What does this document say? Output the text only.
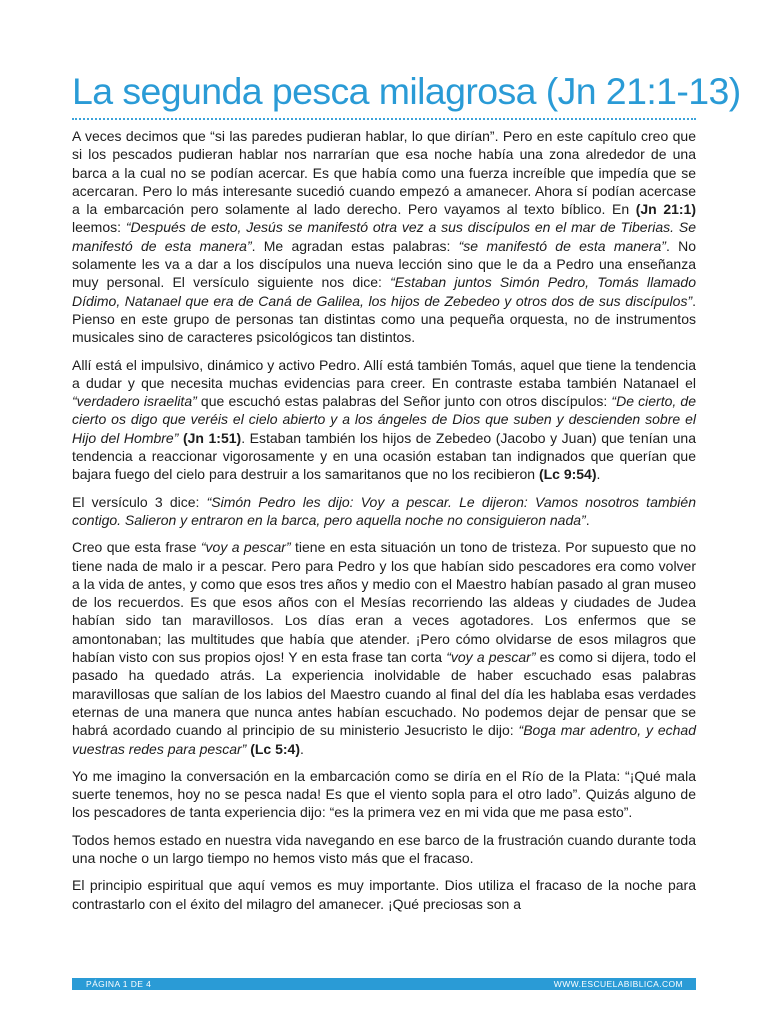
La segunda pesca milagrosa (Jn 21:1-13)

A veces decimos que “si las paredes pudieran hablar, lo que dirían”. Pero en este capítulo creo que si los pescados pudieran hablar nos narrarían que esa noche había una zona alrededor de una barca a la cual no se podían acercar. Es que había como una fuerza increíble que impedía que se acercaran. Pero lo más interesante sucedió cuando empezó a amanecer. Ahora sí podían acercase a la embarcación pero solamente al lado derecho. Pero vayamos al texto bíblico. En (Jn 21:1) leemos: “Después de esto, Jesús se manifestó otra vez a sus discípulos en el mar de Tiberias. Se manifestó de esta manera”. Me agradan estas palabras: “se manifestó de esta manera”. No solamente les va a dar a los discípulos una nueva lección sino que le da a Pedro una enseñanza muy personal. El versículo siguiente nos dice: “Estaban juntos Simón Pedro, Tomás llamado Dídimo, Natanael que era de Caná de Galilea, los hijos de Zebedeo y otros dos de sus discípulos”. Pienso en este grupo de personas tan distintas como una pequeña orquesta, no de instrumentos musicales sino de caracteres psicológicos tan distintos.

Allí está el impulsivo, dinámico y activo Pedro. Allí está también Tomás, aquel que tiene la tendencia a dudar y que necesita muchas evidencias para creer. En contraste estaba también Natanael el “verdadero israelita” que escuchó estas palabras del Señor junto con otros discípulos: “De cierto, de cierto os digo que veréis el cielo abierto y a los ángeles de Dios que suben y descienden sobre el Hijo del Hombre” (Jn 1:51). Estaban también los hijos de Zebedeo (Jacobo y Juan) que tenían una tendencia a reaccionar vigorosamente y en una ocasión estaban tan indignados que querían que bajara fuego del cielo para destruir a los samaritanos que no los recibieron (Lc 9:54).

El versículo 3 dice: “Simón Pedro les dijo: Voy a pescar. Le dijeron: Vamos nosotros también contigo. Salieron y entraron en la barca, pero aquella noche no consiguieron nada”.

Creo que esta frase “voy a pescar” tiene en esta situación un tono de tristeza. Por supuesto que no tiene nada de malo ir a pescar. Pero para Pedro y los que habían sido pescadores era como volver a la vida de antes, y como que esos tres años y medio con el Maestro habían pasado al gran museo de los recuerdos. Es que esos años con el Mesías recorriendo las aldeas y ciudades de Judea habían sido tan maravillosos. Los días eran a veces agotadores. Los enfermos que se amontonaban; las multitudes que había que atender. ¡Pero cómo olvidarse de esos milagros que habían visto con sus propios ojos! Y en esta frase tan corta “voy a pescar” es como si dijera, todo el pasado ha quedado atrás. La experiencia inolvidable de haber escuchado esas palabras maravillosas que salían de los labios del Maestro cuando al final del día les hablaba esas verdades eternas de una manera que nunca antes habían escuchado. No podemos dejar de pensar que se habrá acordado cuando al principio de su ministerio Jesucristo le dijo: “Boga mar adentro, y echad vuestras redes para pescar” (Lc 5:4).

Yo me imagino la conversación en la embarcación como se diría en el Río de la Plata: “¡Qué mala suerte tenemos, hoy no se pesca nada! Es que el viento sopla para el otro lado”. Quizás alguno de los pescadores de tanta experiencia dijo: “es la primera vez en mi vida que me pasa esto”.

Todos hemos estado en nuestra vida navegando en ese barco de la frustración cuando durante toda una noche o un largo tiempo no hemos visto más que el fracaso.

El principio espiritual que aquí vemos es muy importante. Dios utiliza el fracaso de la noche para contrastarlo con el éxito del milagro del amanecer. ¡Qué preciosas son a

PÁGINA 1 DE 4	WWW.ESCUELABIBLICA.COM
